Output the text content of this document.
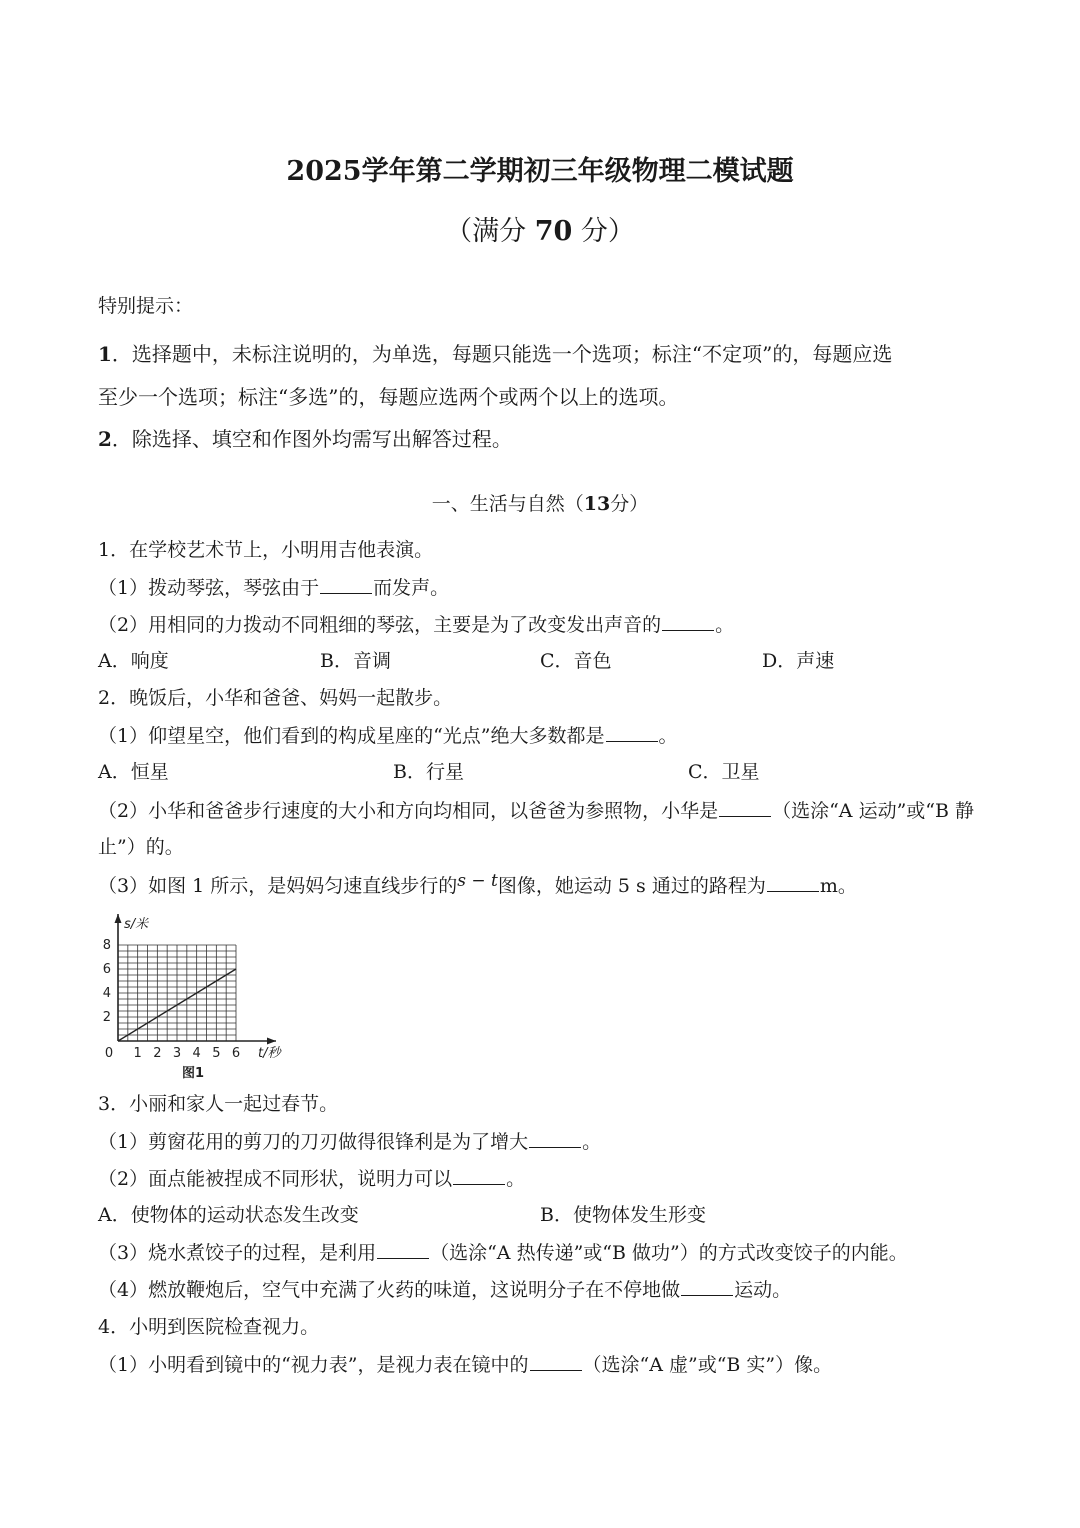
2025学年第二学期初三年级物理二模试题
（满分 70 分）
特别提示：
1．选择题中，未标注说明的，为单选，每题只能选一个选项；标注“不定项”的，每题应选
至少一个选项；标注“多选”的，每题应选两个或两个以上的选项。
2．除选择、填空和作图外均需写出解答过程。
一、生活与自然（13分）
1．在学校艺术节上，小明用吉他表演。
（1）拨动琴弦，琴弦由于	而发声。
（2）用相同的力拨动不同粗细的琴弦，主要是为了改变发出声音的	。
A．响度	B．音调	C．音色	D．声速
2．晚饭后，小华和爸爸、妈妈一起散步。
（1）仰望星空，他们看到的构成星座的“光点”绝大多数都是	。
A．恒星	B．行星	C．卫星
（2）小华和爸爸步行速度的大小和方向均相同，以爸爸为参照物，小华是	（选涂“A 运动”或“B 静
止”）的。
（3）如图 1 所示，是妈妈匀速直线步行的s − t图像，她运动 5 s 通过的路程为	m。
1 2 3 4 5 6
2
4
6
8
0
s/米
t/秒
图1
3．小丽和家人一起过春节。
（1）剪窗花用的剪刀的刀刃做得很锋利是为了增大	。
（2）面点能被捏成不同形状，说明力可以	。
A．使物体的运动状态发生改变	B．使物体发生形变
（3）烧水煮饺子的过程，是利用	（选涂“A 热传递”或“B 做功”）的方式改变饺子的内能。
（4）燃放鞭炮后，空气中充满了火药的味道，这说明分子在不停地做	运动。
4．小明到医院检查视力。
（1）小明看到镜中的“视力表”，是视力表在镜中的	（选涂“A 虚”或“B 实”）像。
